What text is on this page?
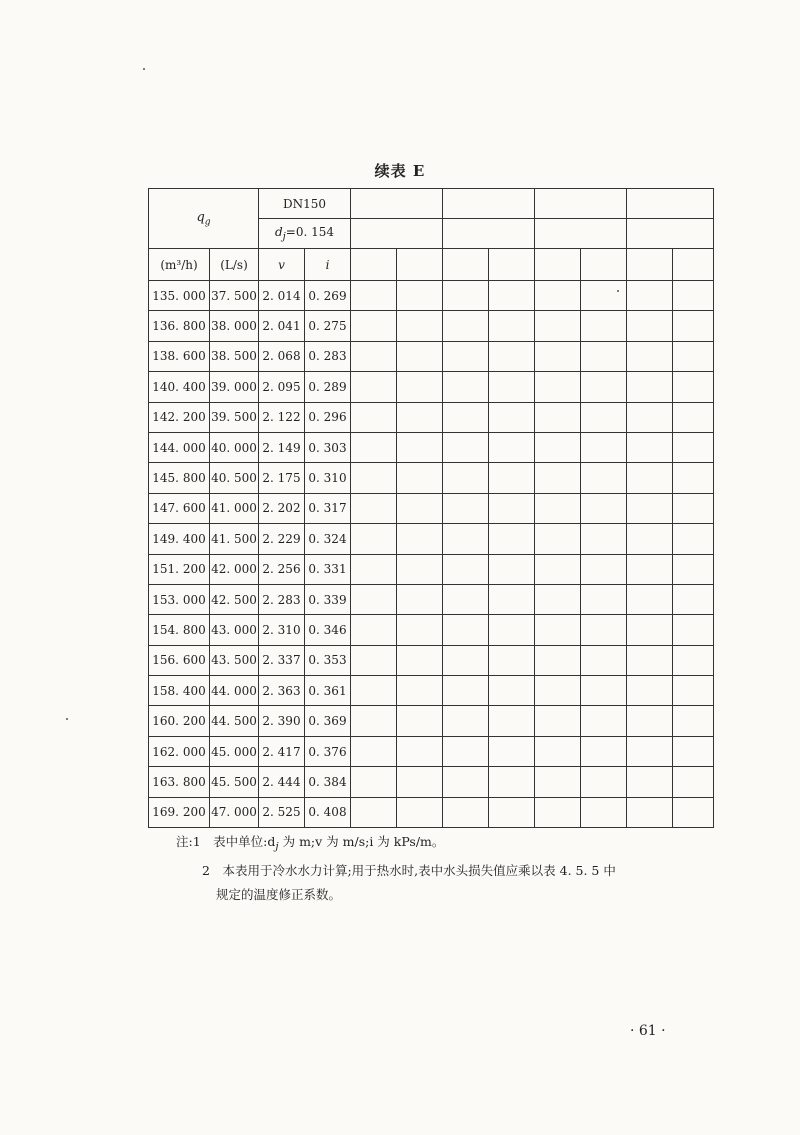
续表 E
$q_g$		DN150									
		$d_j=0$. 154									
(m³/h)	(L/s)	v	i								
135. 000	37. 500	2. 014	0. 269								
136. 800	38. 000	2. 041	0. 275								
138. 600	38. 500	2. 068	0. 283								
140. 400	39. 000	2. 095	0. 289								
142. 200	39. 500	2. 122	0. 296								
144. 000	40. 000	2. 149	0. 303								
145. 800	40. 500	2. 175	0. 310								
147. 600	41. 000	2. 202	0. 317								
149. 400	41. 500	2. 229	0. 324								
151. 200	42. 000	2. 256	0. 331								
153. 000	42. 500	2. 283	0. 339								
154. 800	43. 000	2. 310	0. 346								
156. 600	43. 500	2. 337	0. 353								
158. 400	44. 000	2. 363	0. 361								
160. 200	44. 500	2. 390	0. 369								
162. 000	45. 000	2. 417	0. 376								
163. 800	45. 500	2. 444	0. 384								
169. 200	47. 000	2. 525	0. 408								
注:1　表中单位$:d_j$ 为 m;v 为 m/s;i 为 kPs/m。
2　本表用于冷水水力计算;用于热水时,表中水头损失值应乘以表 4. 5. 5 中
规定的温度修正系数。
· 61 ·
